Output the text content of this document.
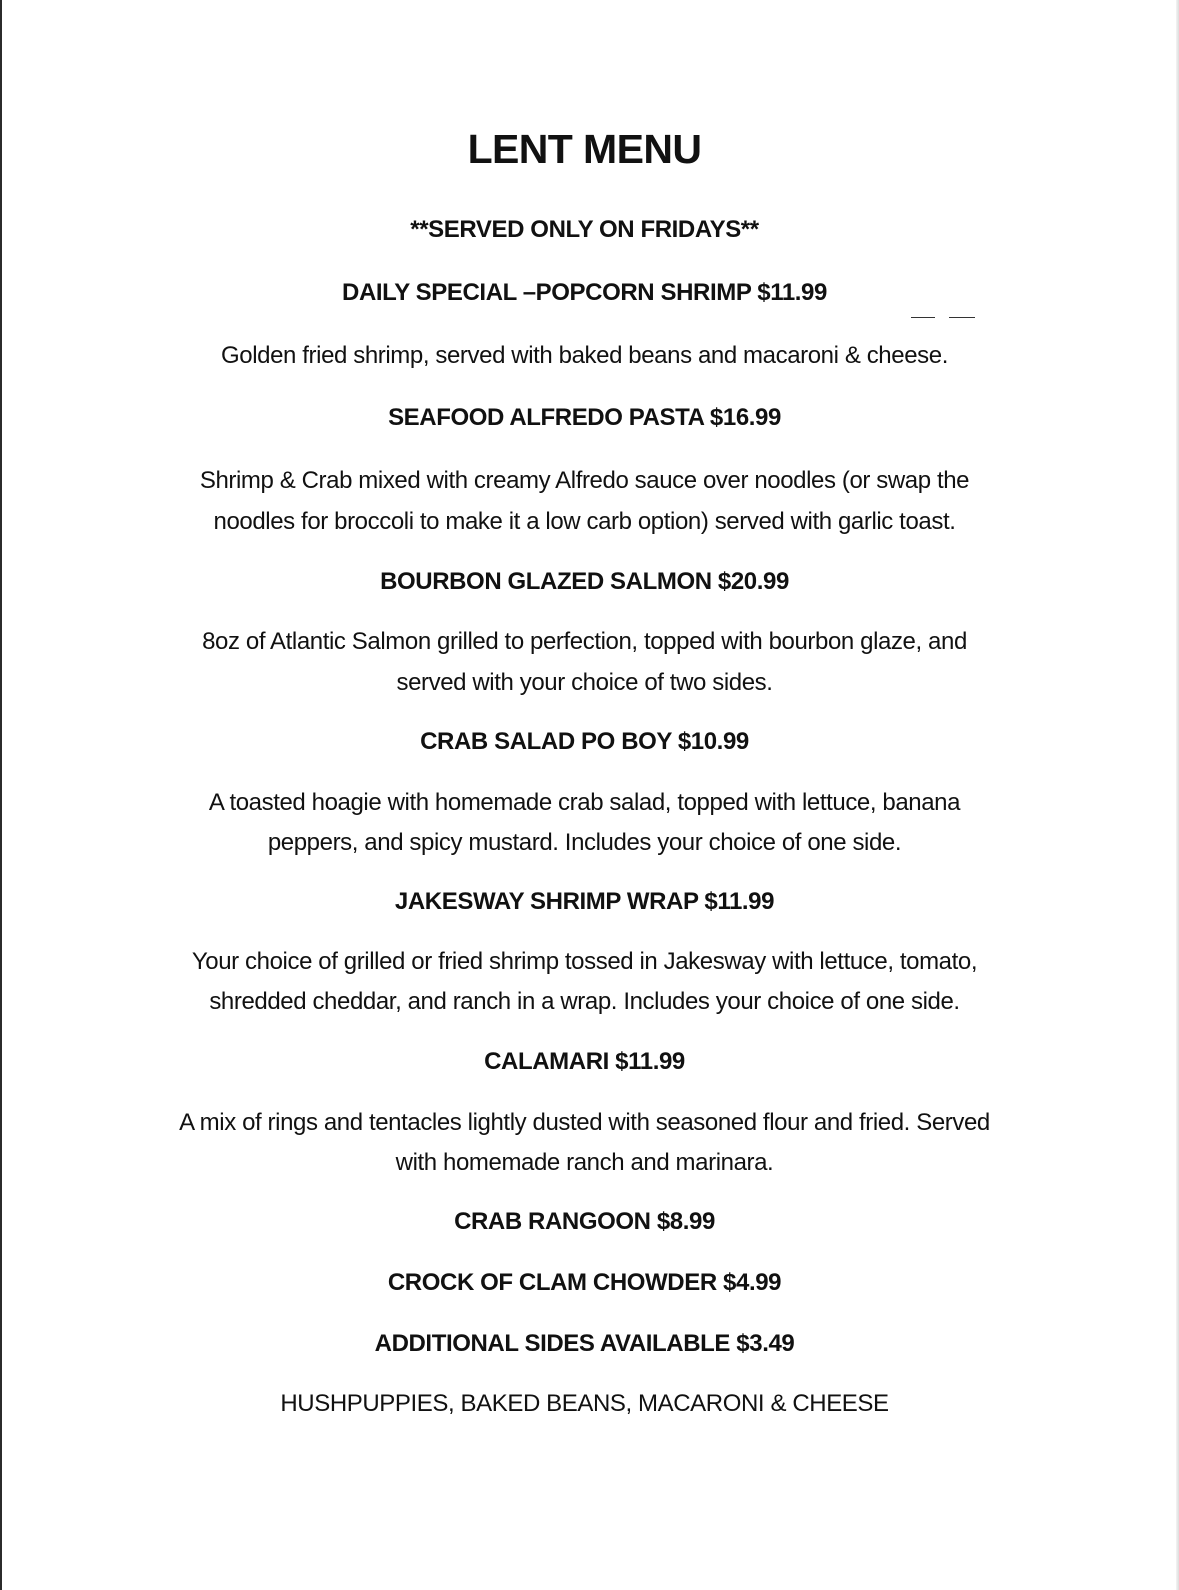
LENT MENU
**SERVED ONLY ON FRIDAYS**
DAILY SPECIAL –POPCORN SHRIMP $11.99
Golden fried shrimp, served with baked beans and macaroni & cheese.
SEAFOOD ALFREDO PASTA $16.99
Shrimp & Crab mixed with creamy Alfredo sauce over noodles (or swap the
noodles for broccoli to make it a low carb option) served with garlic toast.
BOURBON GLAZED SALMON $20.99
8oz of Atlantic Salmon grilled to perfection, topped with bourbon glaze, and
served with your choice of two sides.
CRAB SALAD PO BOY $10.99
A toasted hoagie with homemade crab salad, topped with lettuce, banana
peppers, and spicy mustard. Includes your choice of one side.
JAKESWAY SHRIMP WRAP $11.99
Your choice of grilled or fried shrimp tossed in Jakesway with lettuce, tomato,
shredded cheddar, and ranch in a wrap. Includes your choice of one side.
CALAMARI $11.99
A mix of rings and tentacles lightly dusted with seasoned flour and fried. Served
with homemade ranch and marinara.
CRAB RANGOON $8.99
CROCK OF CLAM CHOWDER $4.99
ADDITIONAL SIDES AVAILABLE $3.49
HUSHPUPPIES, BAKED BEANS, MACARONI & CHEESE
